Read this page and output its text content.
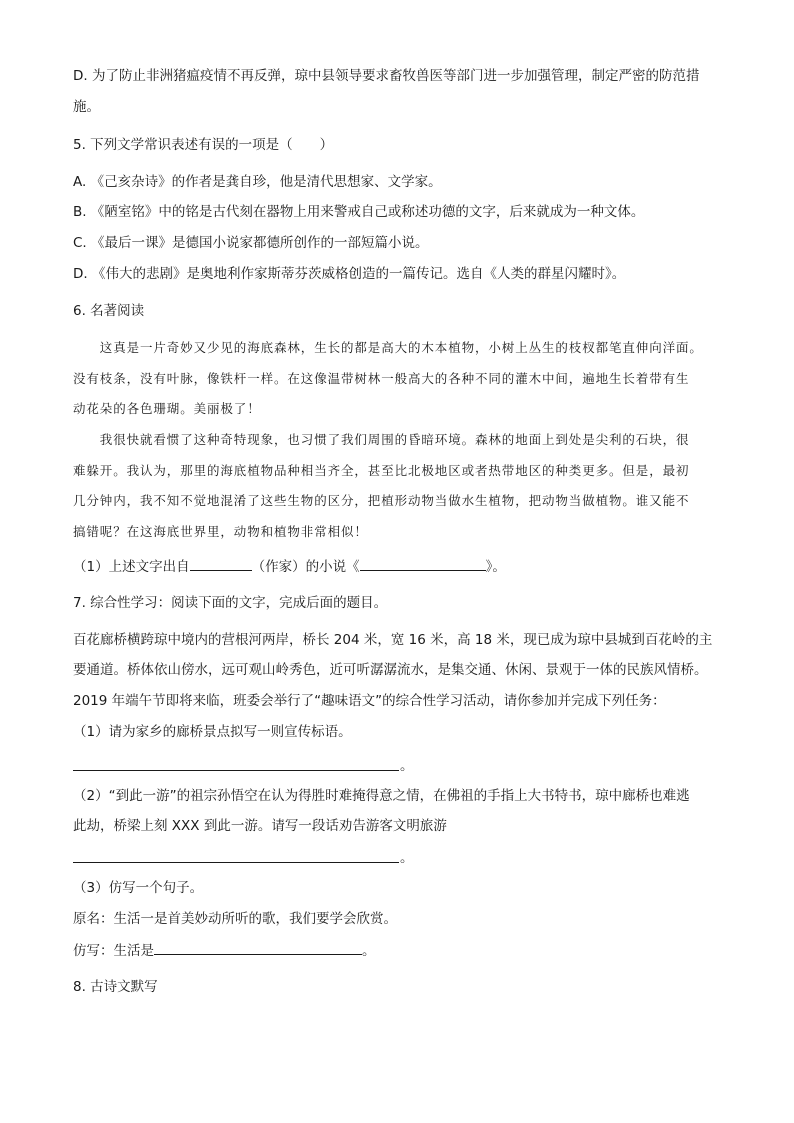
D. 为了防止非洲猪瘟疫情不再反弹，琼中县领导要求畜牧兽医等部门进一步加强管理，制定严密的防范措
施。
5. 下列文学常识表述有误的一项是（　　）
A. 《己亥杂诗》的作者是龚自珍，他是清代思想家、文学家。
B. 《陋室铭》中的铭是古代刻在器物上用来警戒自己或称述功德的文字，后来就成为一种文体。
C. 《最后一课》是德国小说家都德所创作的一部短篇小说。
D. 《伟大的悲剧》是奥地利作家斯蒂芬茨威格创造的一篇传记。选自《人类的群星闪耀时》。
6. 名著阅读
　　这真是一片奇妙又少见的海底森林，生长的都是高大的木本植物，小树上丛生的枝杈都笔直伸向洋面。
没有枝条，没有叶脉，像铁杆一样。在这像温带树林一般高大的各种不同的灌木中间，遍地生长着带有生
动花朵的各色珊瑚。美丽极了！
　　我很快就看惯了这种奇特现象，也习惯了我们周围的昏暗环境。森林的地面上到处是尖利的石块，很
难躲开。我认为，那里的海底植物品种相当齐全，甚至比北极地区或者热带地区的种类更多。但是，最初
几分钟内，我不知不觉地混淆了这些生物的区分，把植形动物当做水生植物，把动物当做植物。谁又能不
搞错呢？在这海底世界里，动物和植物非常相似！
（1）上述文字出自	（作家）的小说《	》。
7. 综合性学习：阅读下面的文字，完成后面的题目。
百花廊桥横跨琼中境内的营根河两岸，桥长 204 米，宽 16 米，高 18 米，现已成为琼中县城到百花岭的主
要通道。桥体依山傍水，远可观山岭秀色，近可听潺潺流水，是集交通、休闲、景观于一体的民族风情桥。
2019 年端午节即将来临，班委会举行了“趣味语文”的综合性学习活动，请你参加并完成下列任务：
（1）请为家乡的廊桥景点拟写一则宣传标语。
。
（2）“到此一游”的祖宗孙悟空在认为得胜时难掩得意之情，在佛祖的手指上大书特书，琼中廊桥也难逃
此劫，桥梁上刻 XXX 到此一游。请写一段话劝告游客文明旅游
。
（3）仿写一个句子。
原名：生活一是首美妙动所听的歌，我们要学会欣赏。
仿写：生活是	。
8. 古诗文默写
